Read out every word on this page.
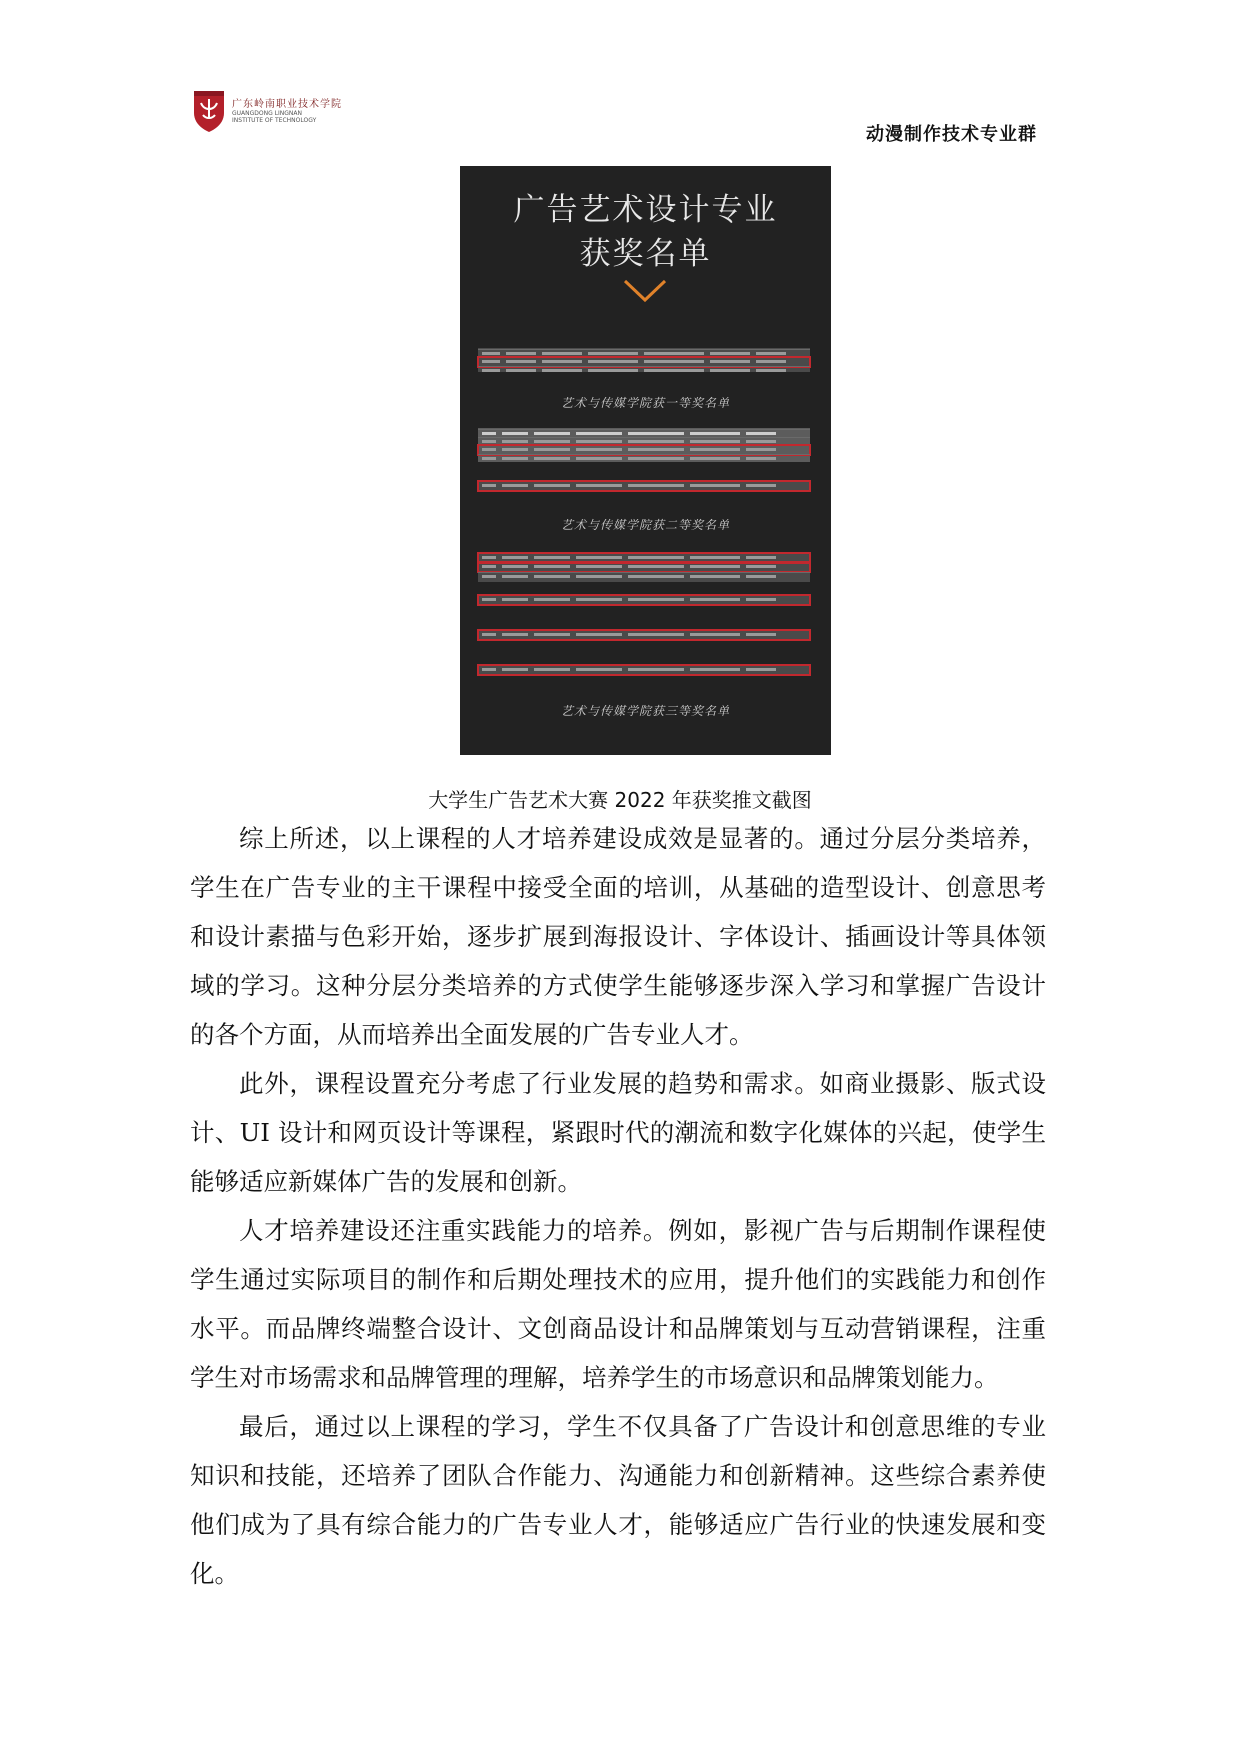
广东岭南职业技术学院
GUANGDONG LINGNAN
INSTITUTE OF TECHNOLOGY
动漫制作技术专业群
广告艺术设计专业
获奖名单
艺术与传媒学院获一等奖名单
艺术与传媒学院获二等奖名单
艺术与传媒学院获三等奖名单
大学生广告艺术大赛 2022 年获奖推文截图

综上所述，以上课程的人才培养建设成效是显著的。通过分层分类培养，学生在广告专业的主干课程中接受全面的培训，从基础的造型设计、创意思考和设计素描与色彩开始，逐步扩展到海报设计、字体设计、插画设计等具体领域的学习。这种分层分类培养的方式使学生能够逐步深入学习和掌握广告设计的各个方面，从而培养出全面发展的广告专业人才。

此外，课程设置充分考虑了行业发展的趋势和需求。如商业摄影、版式设计、UI 设计和网页设计等课程，紧跟时代的潮流和数字化媒体的兴起，使学生能够适应新媒体广告的发展和创新。

人才培养建设还注重实践能力的培养。例如，影视广告与后期制作课程使学生通过实际项目的制作和后期处理技术的应用，提升他们的实践能力和创作水平。而品牌终端整合设计、文创商品设计和品牌策划与互动营销课程，注重学生对市场需求和品牌管理的理解，培养学生的市场意识和品牌策划能力。

最后，通过以上课程的学习，学生不仅具备了广告设计和创意思维的专业知识和技能，还培养了团队合作能力、沟通能力和创新精神。这些综合素养使他们成为了具有综合能力的广告专业人才，能够适应广告行业的快速发展和变化。
